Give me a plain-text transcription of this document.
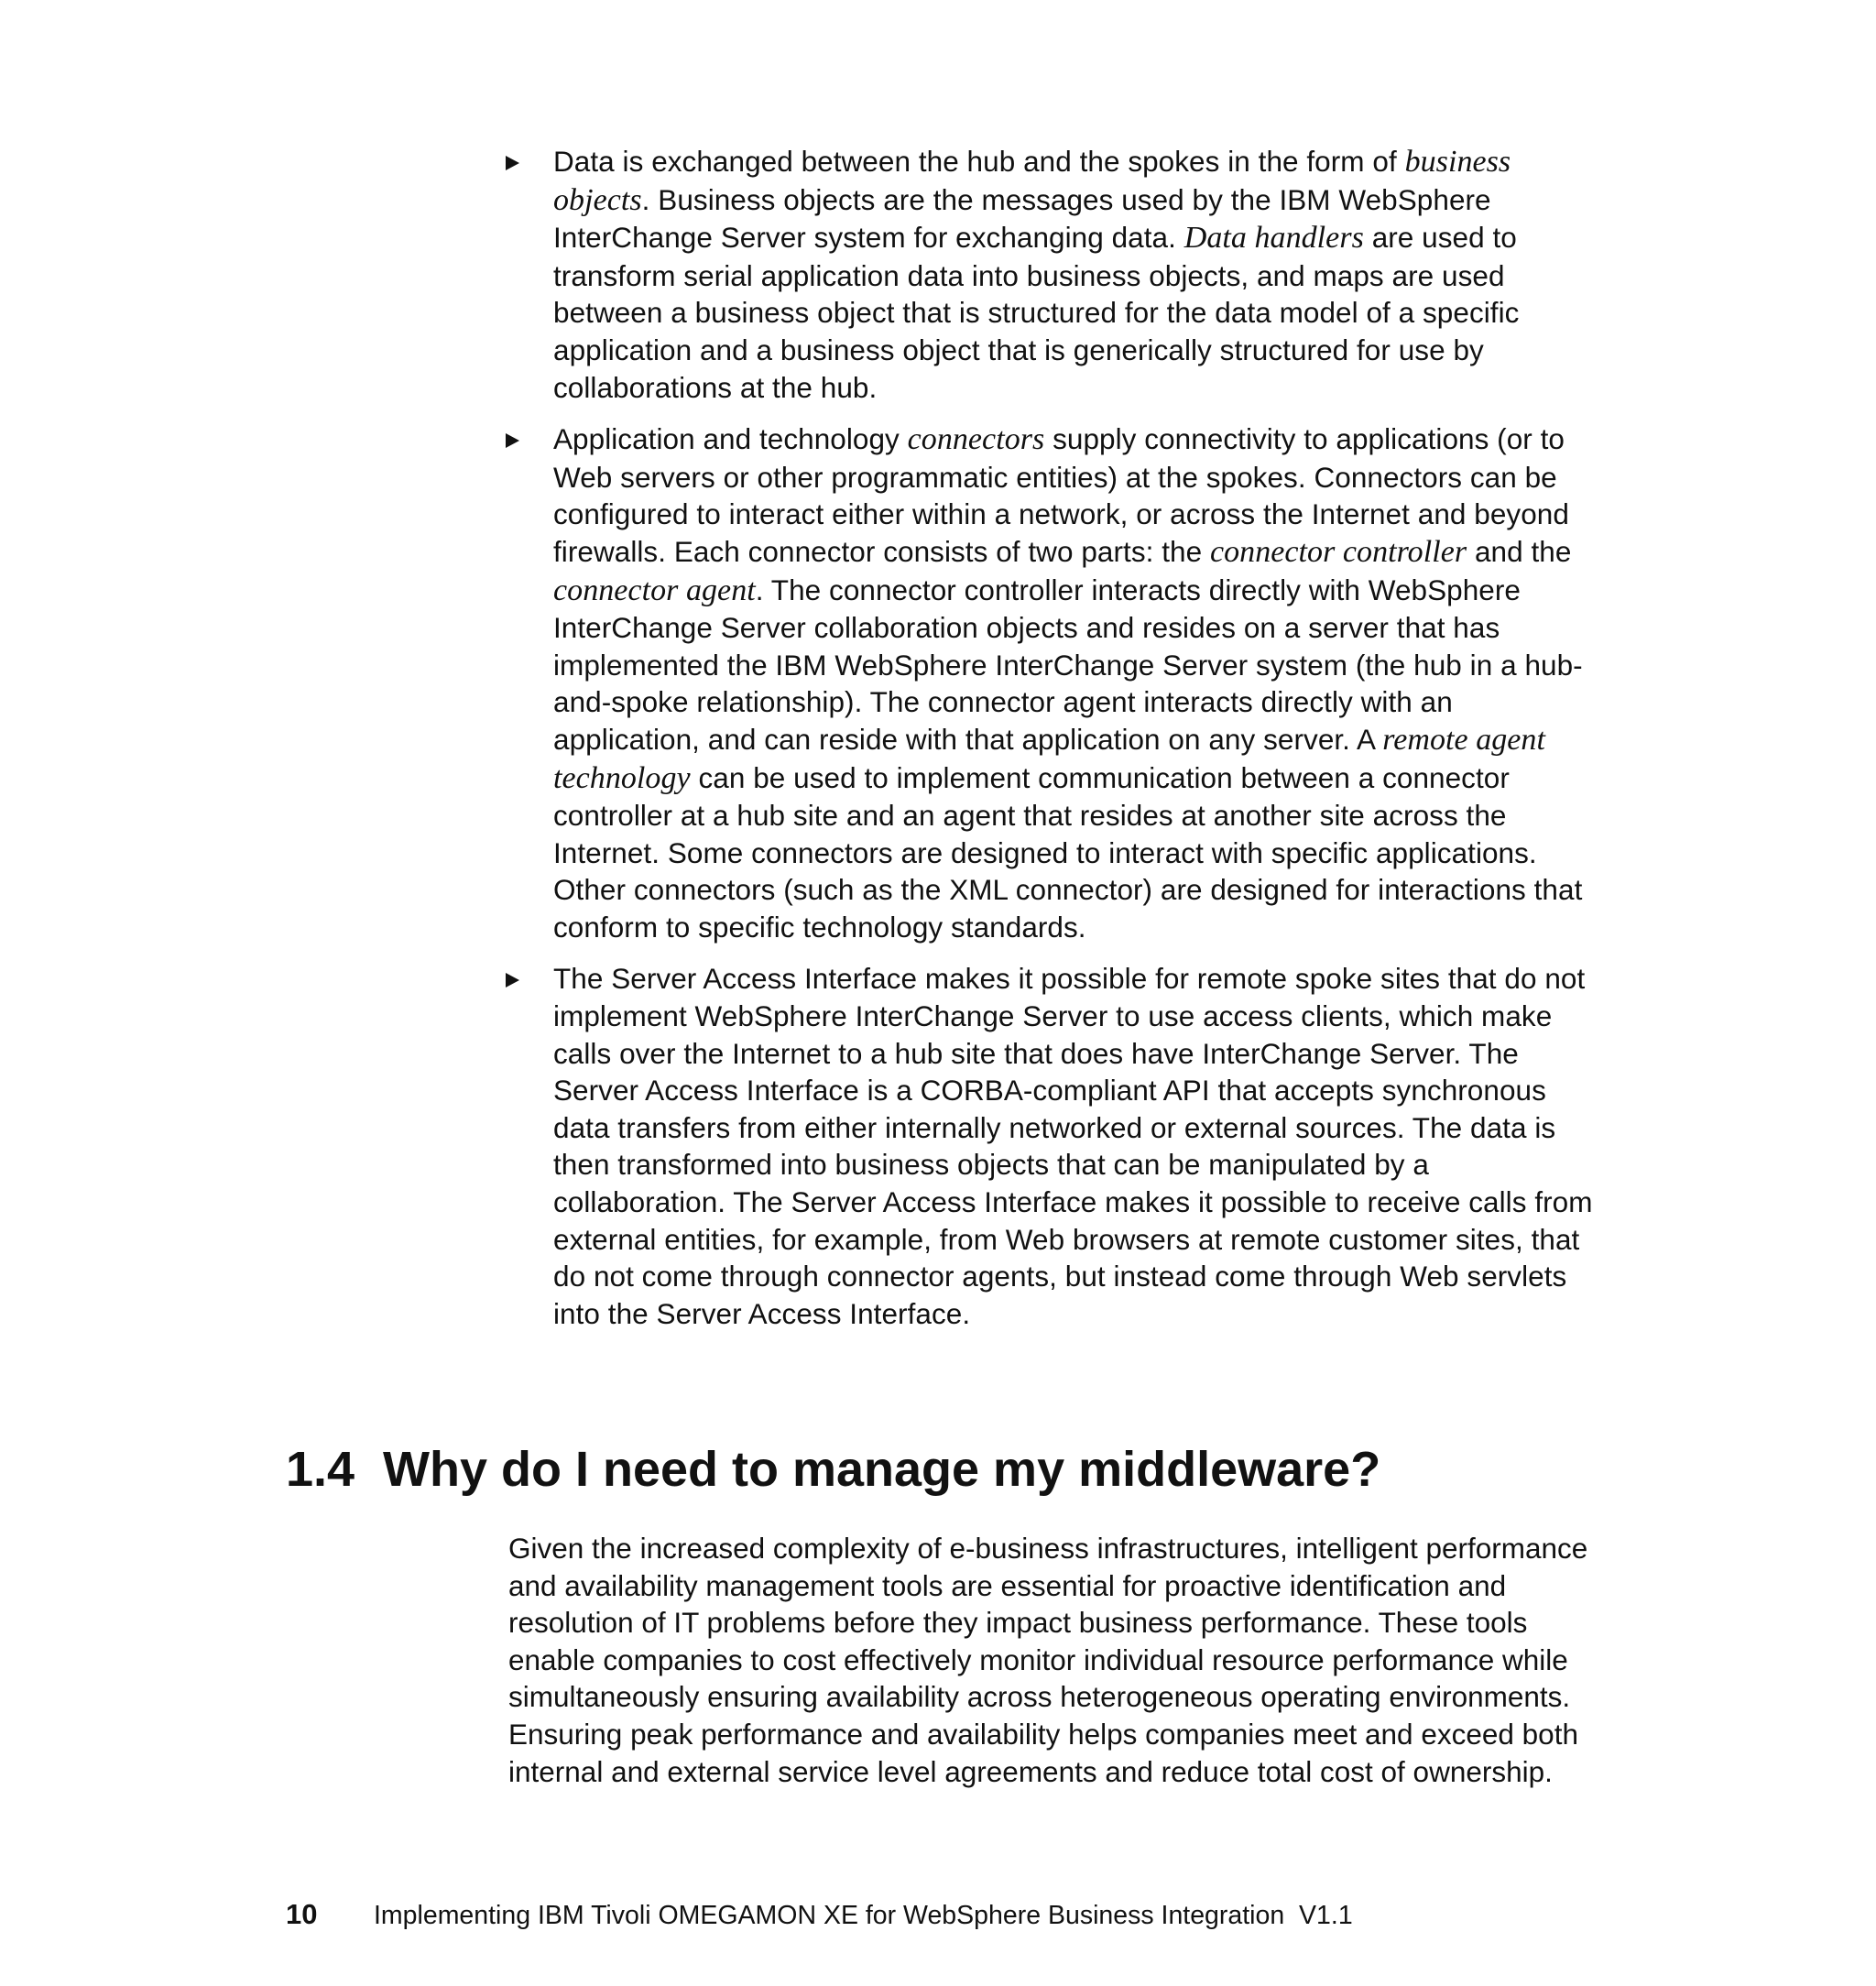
Data is exchanged between the hub and the spokes in the form of business objects. Business objects are the messages used by the IBM WebSphere InterChange Server system for exchanging data. Data handlers are used to transform serial application data into business objects, and maps are used between a business object that is structured for the data model of a specific application and a business object that is generically structured for use by collaborations at the hub.
Application and technology connectors supply connectivity to applications (or to Web servers or other programmatic entities) at the spokes. Connectors can be configured to interact either within a network, or across the Internet and beyond firewalls. Each connector consists of two parts: the connector controller and the connector agent. The connector controller interacts directly with WebSphere InterChange Server collaboration objects and resides on a server that has implemented the IBM WebSphere InterChange Server system (the hub in a hub-and-spoke relationship). The connector agent interacts directly with an application, and can reside with that application on any server. A remote agent technology can be used to implement communication between a connector controller at a hub site and an agent that resides at another site across the Internet. Some connectors are designed to interact with specific applications. Other connectors (such as the XML connector) are designed for interactions that conform to specific technology standards.
The Server Access Interface makes it possible for remote spoke sites that do not implement WebSphere InterChange Server to use access clients, which make calls over the Internet to a hub site that does have InterChange Server. The Server Access Interface is a CORBA-compliant API that accepts synchronous data transfers from either internally networked or external sources. The data is then transformed into business objects that can be manipulated by a collaboration. The Server Access Interface makes it possible to receive calls from external entities, for example, from Web browsers at remote customer sites, that do not come through connector agents, but instead come through Web servlets into the Server Access Interface.
1.4 Why do I need to manage my middleware?

Given the increased complexity of e-business infrastructures, intelligent performance and availability management tools are essential for proactive identification and resolution of IT problems before they impact business performance. These tools enable companies to cost effectively monitor individual resource performance while simultaneously ensuring availability across heterogeneous operating environments. Ensuring peak performance and availability helps companies meet and exceed both internal and external service level agreements and reduce total cost of ownership.

10 Implementing IBM Tivoli OMEGAMON XE for WebSphere Business Integration  V1.1
